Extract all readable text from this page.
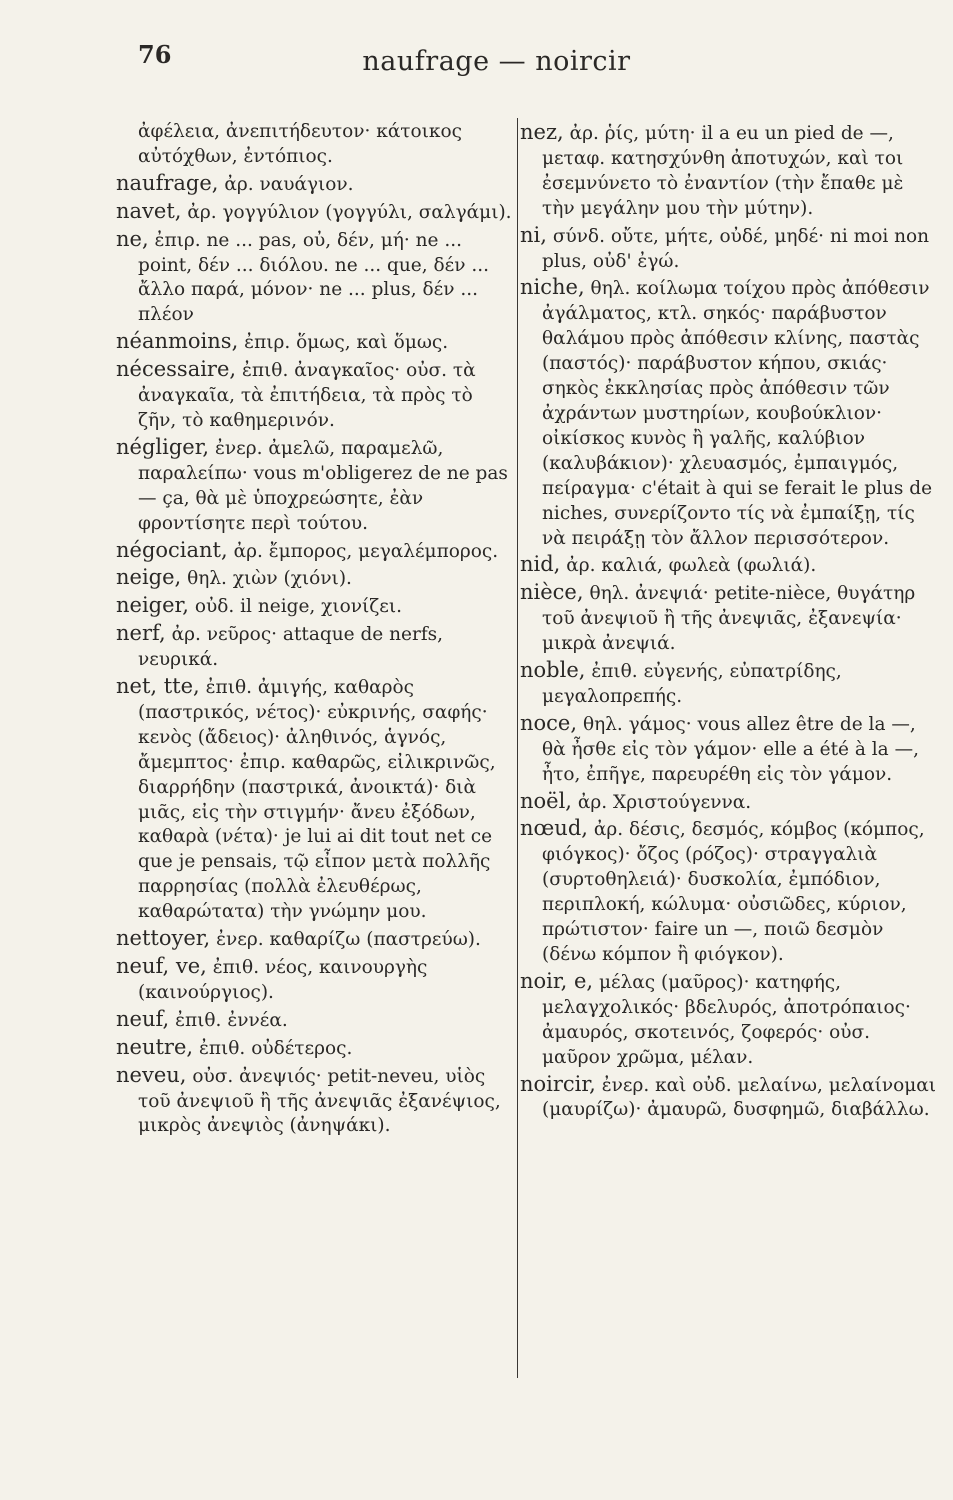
76	naufrage — noircir

ἀφέλεια, ἀνεπιτήδευτον· κάτοικος αὐτόχθων, ἐντόπιος.

naufrage, ἀρ. ναυάγιον.

navet, ἀρ. γογγύλιον (γογγύλι, σαλγάμι).

ne, ἐπιρ. ne ... pas, οὐ, δέν, μή· ne ... point, δέν ... διόλου. ne ... que, δέν ... ἄλλο παρά, μόνον· ne ... plus, δέν ... πλέον

néanmoins, ἐπιρ. ὅμως, καὶ ὅμως.

nécessaire, ἐπιθ. ἀναγκαῖος· οὐσ. τὰ ἀναγκαῖα, τὰ ἐπιτήδεια, τὰ πρὸς τὸ ζῆν, τὸ καθημερινόν.

négliger, ἐνερ. ἀμελῶ, παραμελῶ, παραλείπω· vous m'obligerez de ne pas — ça, θὰ μὲ ὑποχρεώσητε, ἐὰν φροντίσητε περὶ τούτου.

négociant, ἀρ. ἔμπορος, μεγαλέμπορος.

neige, θηλ. χιὼν (χιόνι).

neiger, οὐδ. il neige, χιονίζει.

nerf, ἀρ. νεῦρος· attaque de nerfs, νευρικά.

net, tte, ἐπιθ. ἀμιγής, καθαρὸς (παστρικός, νέτος)· εὐκρινής, σαφής· κενὸς (ἄδειος)· ἀληθινός, ἁγνός, ἄμεμπτος· ἐπιρ. καθαρῶς, εἰλικρινῶς, διαρρήδην (παστρικά, ἀνοικτά)· διὰ μιᾶς, εἰς τὴν στιγμήν· ἄνευ ἐξόδων, καθαρὰ (νέτα)· je lui ai dit tout net ce que je pensais, τῷ εἶπον μετὰ πολλῆς παρρησίας (πολλὰ ἐλευθέρως, καθαρώτατα) τὴν γνώμην μου.

nettoyer, ἐνερ. καθαρίζω (παστρεύω).

neuf, ve, ἐπιθ. νέος, καινουργὴς (καινούργιος).

neuf, ἐπιθ. ἐννέα.

neutre, ἐπιθ. οὐδέτερος.

neveu, οὐσ. ἀνεψιός· petit-neveu, υἱὸς τοῦ ἀνεψιοῦ ἢ τῆς ἀνεψιᾶς ἐξανέψιος, μικρὸς ἀνεψιὸς (ἀνηψάκι).

nez, ἀρ. ῥίς, μύτη· il a eu un pied de —, μεταφ. κατησχύνθη ἀποτυχών, καὶ τοι ἐσεμνύνετο τὸ ἐναντίον (τὴν ἔπαθε μὲ τὴν μεγάλην μου τὴν μύτην).

ni, σύνδ. οὔτε, μήτε, οὐδέ, μηδέ· ni moi non plus, οὐδ' ἐγώ.

niche, θηλ. κοίλωμα τοίχου πρὸς ἀπόθεσιν ἀγάλματος, κτλ. σηκός· παράβυστον θαλάμου πρὸς ἀπόθεσιν κλίνης, παστὰς (παστός)· παράβυστον κήπου, σκιάς· σηκὸς ἐκκλησίας πρὸς ἀπόθεσιν τῶν ἀχράντων μυστηρίων, κουβούκλιον· οἰκίσκος κυνὸς ἢ γαλῆς, καλύβιον (καλυβάκιον)· χλευασμός, ἐμπαιγμός, πείραγμα· c'était à qui se ferait le plus de niches, συνερίζοντο τίς νὰ ἐμπαίξῃ, τίς νὰ πειράξῃ τὸν ἄλλον περισσότερον.

nid, ἀρ. καλιά, φωλεὰ (φωλιά).

nièce, θηλ. ἀνεψιά· petite-nièce, θυγάτηρ τοῦ ἀνεψιοῦ ἢ τῆς ἀνεψιᾶς, ἐξανεψία· μικρὰ ἀνεψιά.

noble, ἐπιθ. εὐγενής, εὐπατρίδης, μεγαλοπρεπής.

noce, θηλ. γάμος· vous allez être de la —, θὰ ἦσθε εἰς τὸν γάμον· elle a été à la —, ἦτο, ἐπῆγε, παρευρέθη εἰς τὸν γάμον.

noël, ἀρ. Χριστούγεννα.

nœud, ἀρ. δέσις, δεσμός, κόμβος (κόμπος, φιόγκος)· ὄζος (ρόζος)· στραγγαλιὰ (συρτοθηλειά)· δυσκολία, ἐμπόδιον, περιπλοκή, κώλυμα· οὐσιῶδες, κύριον, πρώτιστον· faire un —, ποιῶ δεσμὸν (δένω κόμπον ἢ φιόγκον).

noir, e, μέλας (μαῦρος)· κατηφής, μελαγχολικός· βδελυρός, ἀποτρόπαιος· ἀμαυρός, σκοτεινός, ζοφερός· οὐσ. μαῦρον χρῶμα, μέλαν.

noircir, ἐνερ. καὶ οὐδ. μελαίνω, μελαίνομαι (μαυρίζω)· ἀμαυρῶ, δυσφημῶ, διαβάλλω.
